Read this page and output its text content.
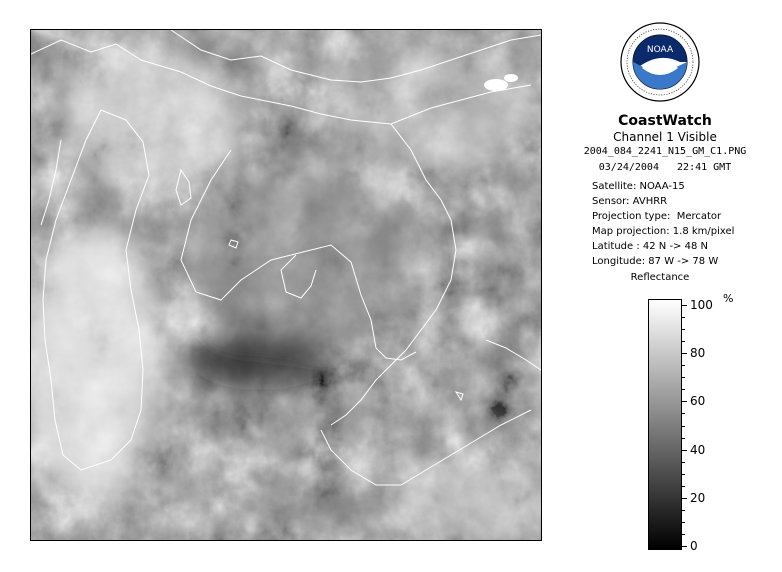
NOAA
CoastWatch
Channel 1 Visible
2004_084_2241_N15_GM_C1.PNG
03/24/2004   22:41 GMT
Satellite: NOAA-15
Sensor: AVHRR
Projection type:  Mercator
Map projection: 1.8 km/pixel
Latitude : 42 N -> 48 N
Longitude: 87 W -> 78 W
Reflectance
%
100
80
60
40
20
0
